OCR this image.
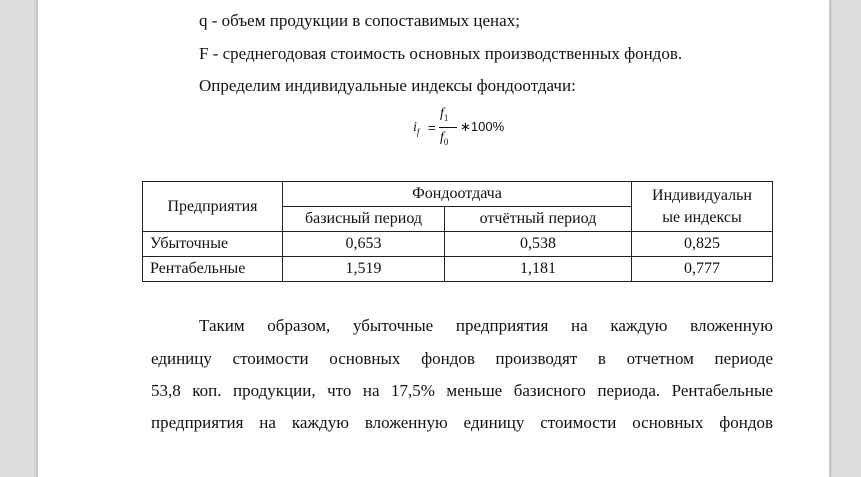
q - объем продукции в сопоставимых ценах;
F - среднегодовая стоимость основных производственных фондов.
Определим индивидуальные индексы фондоотдачи:
$i_f$ =
$f_1$
$f_0$
∗100%
Предприятия	Фондоотдача		Индивидуальн
ые индексы

	базисный период	отчётный период	
Убыточные	0,653	0,538	0,825
Рентабельные	1,519	1,181	0,777
Таким образом, убыточные предприятия на каждую вложенную
единицу стоимости основных фондов производят в отчетном периоде
53,8 коп. продукции, что на 17,5% меньше базисного периода. Рентабельные
предприятия на каждую вложенную единицу стоимости основных фондов
